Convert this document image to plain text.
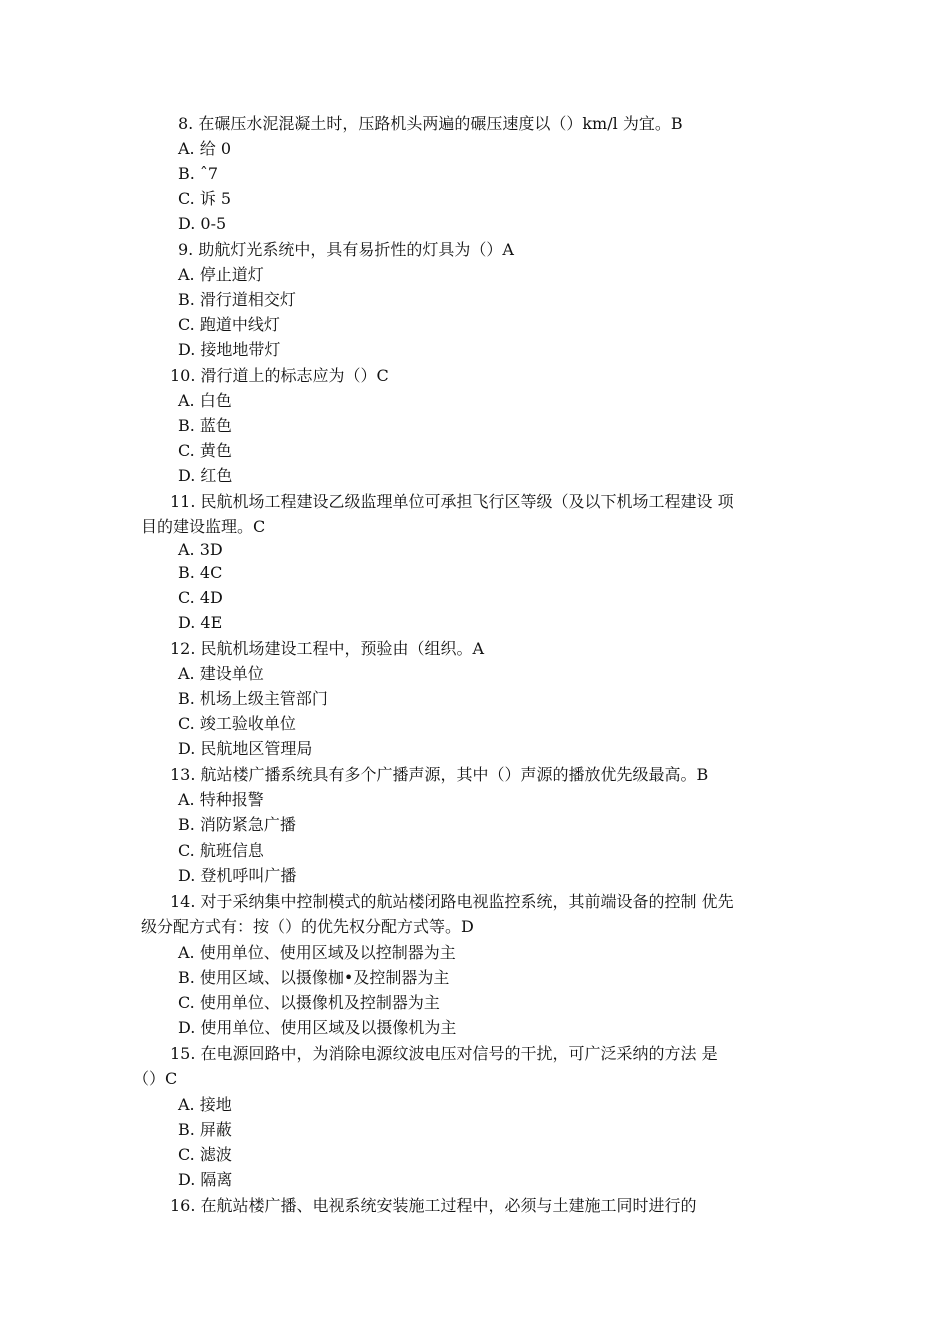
8. 在碾压水泥混凝土时，压路机头两遍的碾压速度以（）km/l 为宜。B
A. 给 0
B. ˆ7
C. 诉 5
D. 0-5
9. 助航灯光系统中，具有易折性的灯具为（）A
A. 停止道灯
B. 滑行道相交灯
C. 跑道中线灯
D. 接地地带灯
10. 滑行道上的标志应为（）C
A. 白色
B. 蓝色
C. 黄色
D. 红色
11. 民航机场工程建设乙级监理单位可承担飞行区等级（及以下机场工程建设 项
目的建设监理。C
A. 3D
B. 4C
C. 4D
D. 4E
12. 民航机场建设工程中，预验由（组织。A
A. 建设单位
B. 机场上级主管部门
C. 竣工验收单位
D. 民航地区管理局
13. 航站楼广播系统具有多个广播声源，其中（）声源的播放优先级最高。B
A. 特种报警
B. 消防紧急广播
C. 航班信息
D. 登机呼叫广播
14. 对于采纳集中控制模式的航站楼闭路电视监控系统，其前端设备的控制 优先
级分配方式有：按（）的优先权分配方式等。D
A. 使用单位、使用区域及以控制器为主
B. 使用区域、以摄像枷•及控制器为主
C. 使用单位、以摄像机及控制器为主
D. 使用单位、使用区域及以摄像机为主
15. 在电源回路中，为消除电源纹波电压对信号的干扰，可广泛采纳的方法 是
（）C
A. 接地
B. 屏蔽
C. 滤波
D. 隔离
16. 在航站楼广播、电视系统安装施工过程中，必须与土建施工同时进行的
